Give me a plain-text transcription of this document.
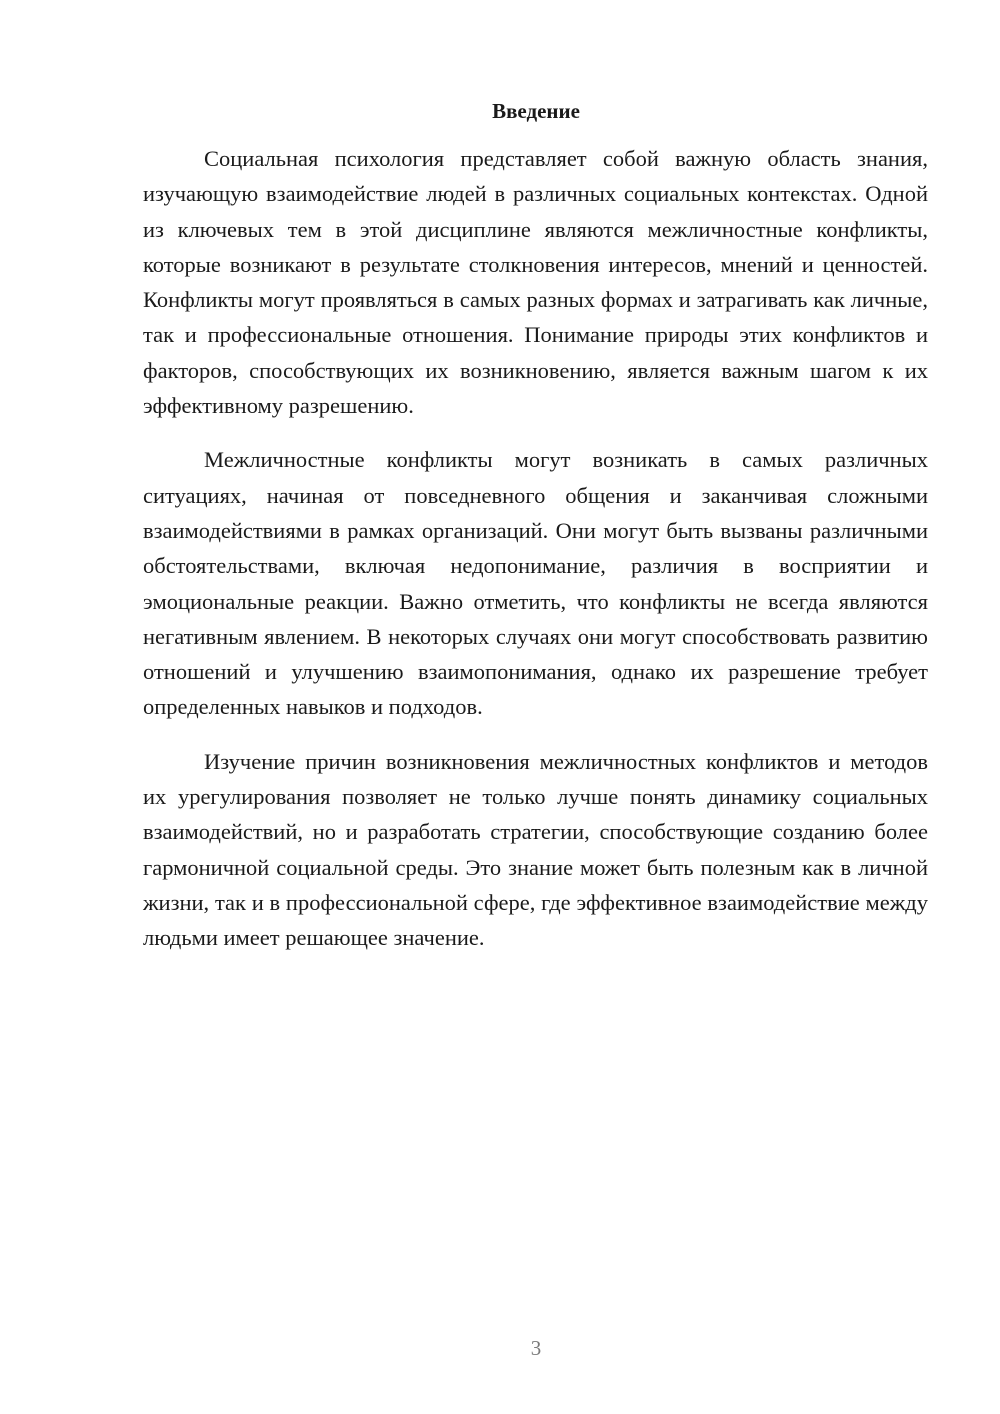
Введение

Социальная психология представляет собой важную область знания, изучающую взаимодействие людей в различных социальных контекстах. Одной из ключевых тем в этой дисциплине являются межличностные конфликты, которые возникают в результате столкновения интересов, мнений и ценностей. Конфликты могут проявляться в самых разных формах и затрагивать как личные, так и профессиональные отношения. Понимание природы этих конфликтов и факторов, способствующих их возникновению, является важным шагом к их эффективному разрешению.

Межличностные конфликты могут возникать в самых различных ситуациях, начиная от повседневного общения и заканчивая сложными взаимодействиями в рамках организаций. Они могут быть вызваны различными обстоятельствами, включая недопонимание, различия в восприятии и эмоциональные реакции. Важно отметить, что конфликты не всегда являются негативным явлением. В некоторых случаях они могут способствовать развитию отношений и улучшению взаимопонимания, однако их разрешение требует определенных навыков и подходов.

Изучение причин возникновения межличностных конфликтов и методов их урегулирования позволяет не только лучше понять динамику социальных взаимодействий, но и разработать стратегии, способствующие созданию более гармоничной социальной среды. Это знание может быть полезным как в личной жизни, так и в профессиональной сфере, где эффективное взаимодействие между людьми имеет решающее значение.

3
